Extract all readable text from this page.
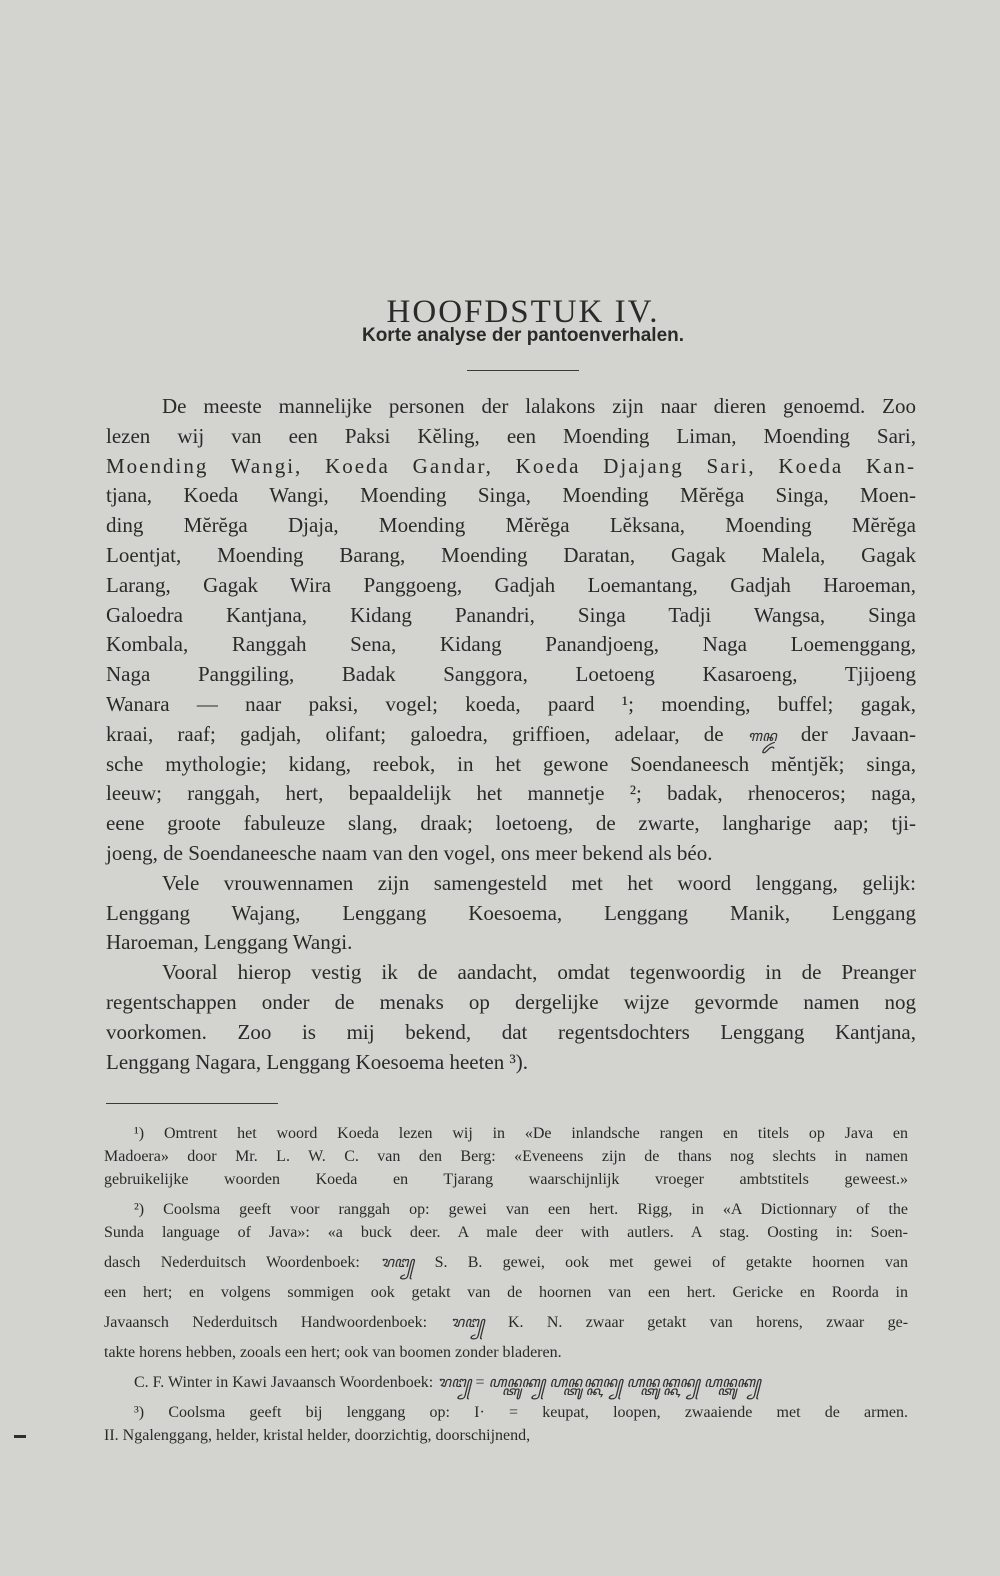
HOOFDSTUK IV.
Korte analyse der pantoenverhalen.
De meeste mannelijke personen der lalakons zijn naar dieren genoemd. Zoo
lezen wij van een Paksi Kĕling, een Moending Liman, Moending Sari,
Moending Wangi, Koeda Gandar, Koeda Djajang Sari, Koeda Kan-
tjana, Koeda Wangi, Moending Singa, Moending Mĕrĕga Singa, Moen-
ding Mĕrĕga Djaja, Moending Mĕrĕga Lĕksana, Moending Mĕrĕga
Loentjat, Moending Barang, Moending Daratan, Gagak Malela, Gagak
Larang, Gagak Wira Panggoeng, Gadjah Loemantang, Gadjah Haroeman,
Galoedra Kantjana, Kidang Panandri, Singa Tadji Wangsa, Singa
Kombala, Ranggah Sena, Kidang Panandjoeng, Naga Loemenggang,
Naga Panggiling, Badak Sanggora, Loetoeng Kasaroeng, Tjijoeng
Wanara — naar paksi, vogel; koeda, paard ¹; moending, buffel; gagak,
kraai, raaf; gadjah, olifant; galoedra, griffioen, adelaar, de ꦒꦤ꧀ꦢ der Javaan-
sche mythologie; kidang, reebok, in het gewone Soendaneesch mĕntjĕk; singa,
leeuw; ranggah, hert, bepaaldelijk het mannetje ²; badak, rhenoceros; naga,
eene groote fabuleuze slang, draak; loetoeng, de zwarte, langharige aap; tji-
joeng, de Soendaneesche naam van den vogel, ons meer bekend als béo.
Vele vrouwennamen zijn samengesteld met het woord lenggang, gelijk:
Lenggang Wajang, Lenggang Koesoema, Lenggang Manik, Lenggang
Haroeman, Lenggang Wangi.
Vooral hierop vestig ik de aandacht, omdat tegenwoordig in de Preanger
regentschappen onder de menaks op dergelijke wijze gevormde namen nog
voorkomen. Zoo is mij bekend, dat regentsdochters Lenggang Kantjana,
Lenggang Nagara, Lenggang Koesoema heeten ³).
¹) Omtrent het woord Koeda lezen wij in «De inlandsche rangen en titels op Java en
Madoera» door Mr. L. W. C. van den Berg: «Eveneens zijn de thans nog slechts in namen
gebruikelijke woorden Koeda en Tjarang waarschijnlijk vroeger ambtstitels geweest.»
²) Coolsma geeft voor ranggah op: gewei van een hert. Rigg, in «A Dictionnary of the
Sunda language of Java»: «a buck deer. A male deer with autlers. A stag. Oosting in: Soen-
dasch Nederduitsch Woordenboek: ꦫꦔ꧀ S. B. gewei, ook met gewei of getakte hoornen van
een hert; en volgens sommigen ook getakt van de hoornen van een hert. Gericke en Roorda in
Javaansch Nederduitsch Handwoordenboek: ꦫꦔ꧀ K. N. zwaar getakt van horens, zwaar ge-
takte horens hebben, zooals een hert; ook van boomen zonder bladeren.
C. F. Winter in Kawi Javaansch Woordenboek: ꦫꦔ꧀ = ꦲꦤ꧀ꦠꦸꦏ꧀ ꦲꦤ꧀ꦠꦸꦏ꧀ꦏꦤ꧀ ꦲꦤ꧀ꦠꦸꦏ꧀ꦏꦤ꧀ ꦲꦤ꧀ꦠꦸꦏ꧀
³) Coolsma geeft bij lenggang op: I· = keupat, loopen, zwaaiende met de armen.
II. Ngalenggang, helder, kristal helder, doorzichtig, doorschijnend,
